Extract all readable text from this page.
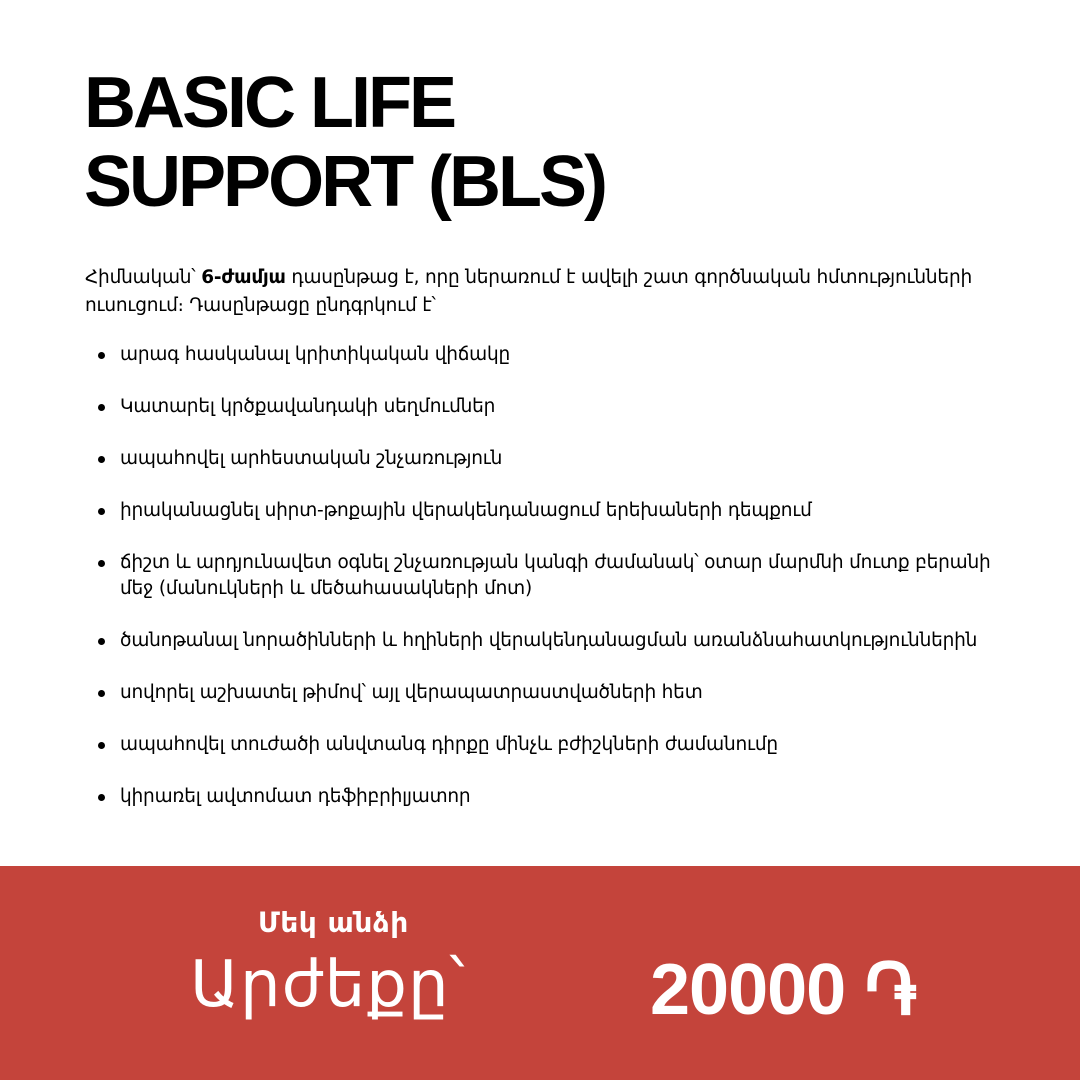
BASIC LIFE
SUPPORT (BLS)

Հիմնական՝ 6-ժամյա դասընթաց է, որը ներառում է ավելի շատ գործնական հմտությունների ուսուցում։ Դասընթացը ընդգրկում է՝

արագ հասկանալ կրիտիկական վիճակը
Կատարել կրծքավանդակի սեղմումներ
ապահովել արհեստական շնչառություն
իրականացնել սիրտ-թոքային վերակենդանացում երեխաների դեպքում
ճիշտ և արդյունավետ օգնել շնչառության կանգի ժամանակ՝ օտար մարմնի մուտք բերանի մեջ (մանուկների և մեծահասակների մոտ)
ծանոթանալ նորածինների և հղիների վերակենդանացման առանձնահատկություններին
սովորել աշխատել թիմով՝ այլ վերապատրաստվածների հետ
ապահովել տուժածի անվտանգ դիրքը մինչև բժիշկների ժամանումը
կիրառել ավտոմատ դեֆիբրիլյատոր
Մեկ անձի
Արժեքը՝	20000 ֏
